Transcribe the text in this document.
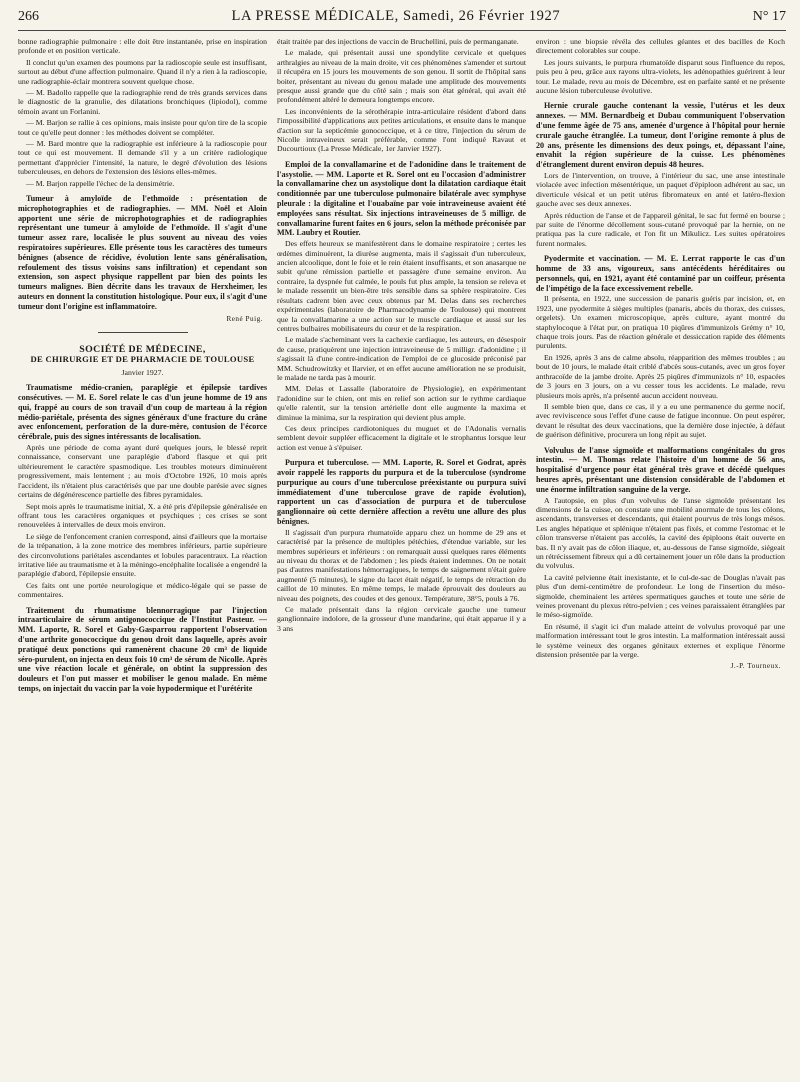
266	LA PRESSE MÉDICALE, Samedi, 26 Février 1927	N° 17

bonne radiographie pulmonaire : elle doit être instantanée, prise en inspiration profonde et en position verticale.

Il conclut qu'un examen des poumons par la radioscopie seule est insuffisant, surtout au début d'une affection pulmonaire. Quand il n'y a rien à la radioscopie, une radiographie-éclair montrera souvent quelque chose.

— M. Badollo rappelle que la radiographie rend de très grands services dans le diagnostic de la granulie, des dilatations bronchiques (lipiodol), comme témoin avant un Forlanini.

— M. Barjon se rallie à ces opinions, mais insiste pour qu'on tire de la scopie tout ce qu'elle peut donner : les méthodes doivent se compléter.

— M. Bard montre que la radiographie est inférieure à la radioscopie pour tout ce qui est mouvement. Il demande s'il y a un critère radiologique permettant d'apprécier l'intensité, la nature, le degré d'évolution des lésions tuberculeuses, en dehors de l'extension des lésions elles-mêmes.

— M. Barjon rappelle l'échec de la densimétrie.

Tumeur à amyloïde de l'ethmoïde : présentation de microphotographies et de radiographies. — MM. Noël et Aloin apportent une série de microphotographies et de radiographies représentant une tumeur à amyloïde de l'ethmoïde. Il s'agit d'une tumeur assez rare, localisée le plus souvent au niveau des voies respiratoires supérieures. Elle présente tous les caractères des tumeurs bénignes (absence de récidive, évolution lente sans généralisation, refoulement des tissus voisins sans infiltration) et cependant son extension, son aspect physique rappellent par bien des points les tumeurs malignes. Bien décrite dans les travaux de Herxheimer, les auteurs en donnent la constitution histologique. Pour eux, il s'agit d'une tumeur dont l'origine est inflammatoire.
René Puig.
SOCIÉTÉ DE MÉDECINE,
DE CHIRURGIE ET DE PHARMACIE DE TOULOUSE
Janvier 1927.
Traumatisme médio-cranien, paraplégie et épilepsie tardives consécutives. — M. E. Sorel relate le cas d'un jeune homme de 19 ans qui, frappé au cours de son travail d'un coup de marteau à la région médio-pariétale, présenta des signes généraux d'une fracture du crâne avec enfoncement, perforation de la dure-mère, contusion de l'écorce cérébrale, puis des signes intéressants de localisation.

Après une période de coma ayant duré quelques jours, le blessé reprit connaissance, conservant une paraplégie d'abord flasque et qui prit ultérieurement le caractère spasmodique. Les troubles moteurs diminuèrent progressivement, mais lentement ; au mois d'Octobre 1926, 10 mois après l'accident, ils n'étaient plus caractérisés que par une double parésie avec signes certains de dégénérescence partielle des fibres pyramidales.

Sept mois après le traumatisme initial, X. a été pris d'épilepsie généralisée en offrant tous les caractères organiques et psychiques ; ces crises se sont renouvelées à intervalles de deux mois environ.

Le siège de l'enfoncement cranien correspond, ainsi d'ailleurs que la mortaise de la trépanation, à la zone motrice des membres inférieurs, partie supérieure des circonvolutions pariétales ascendantes et lobules paracentraux. La réaction irritative liée au traumatisme et à la méningo-encéphalite localisée a engendré la paraplégie d'abord, l'épilepsie ensuite.

Ces faits ont une portée neurologique et médico-légale qui se passe de commentaires.

Traitement du rhumatisme blennorragique par l'injection intraarticulaire de sérum antigonococcique de l'Institut Pasteur. — MM. Laporte, R. Sorel et Gaby-Gasparrou rapportent l'observation d'une arthrite gonococcique du genou droit dans laquelle, après avoir pratiqué deux ponctions qui ramenèrent chacune 20 cm³ de liquide séro-purulent, on injecta en deux fois 10 cm³ de sérum de Nicolle. Après une vive réaction locale et générale, on obtint la suppression des douleurs et l'on put masser et mobiliser le genou malade. En même temps, on injectait du vaccin par la voie hypodermique et l'urétérite

était traitée par des injections de vaccin de Bruchellini, puis de permanganate.

Le malade, qui présentait aussi une spondylite cervicale et quelques arthralgies au niveau de la main droite, vit ces phénomènes s'amender et surtout il récupéra en 15 jours les mouvements de son genou. Il sortit de l'hôpital sans boiter, présentant au niveau du genou malade une amplitude des mouvements presque aussi grande que du côté sain ; mais son état général, qui avait été profondément altéré le demeura longtemps encore.

Les inconvénients de la sérothérapie intra-articulaire résident d'abord dans l'impossibilité d'applications aux petites articulations, et ensuite dans le manque d'action sur la septicémie gonococcique, et à ce titre, l'injection du sérum de Nicolle intraveineux serait préférable, comme l'ont indiqué Ravaut et Ducourtioux (La Presse Médicale, 1er Janvier 1927).

Emploi de la convallamarine et de l'adonidine dans le traitement de l'asystolie. — MM. Laporte et R. Sorel ont eu l'occasion d'administrer la convallamarine chez un asystolique dont la dilatation cardiaque était conditionnée par une tuberculose pulmonaire bilatérale avec symphyse pleurale : la digitaline et l'ouabaïne par voie intraveineuse avaient été employées sans résultat. Six injections intraveineuses de 5 milligr. de convallamarine furent faites en 6 jours, selon la méthode préconisée par MM. Laubry et Routier.

Des effets heureux se manifestèrent dans le domaine respiratoire ; certes les œdèmes diminuèrent, la diurèse augmenta, mais il s'agissait d'un tuberculeux, ancien alcoolique, dont le foie et le rein étaient insuffisants, et son anasarque ne subit qu'une rémission partielle et passagère d'une semaine environ. Au contraire, la dyspnée fut calmée, le pouls fut plus ample, la tension se releva et le malade ressentit un bien-être très sensible dans sa sphère respiratoire. Ces résultats cadrent bien avec ceux obtenus par M. Delas dans ses recherches expérimentales (laboratoire de Pharmacodynamie de Toulouse) qui montrent que la convallamarine a une action sur le muscle cardiaque et aussi sur les centres bulbaires mobilisateurs du cœur et de la respiration.

Le malade s'acheminant vers la cachexie cardiaque, les auteurs, en désespoir de cause, pratiquèrent une injection intraveineuse de 5 milligr. d'adonidine ; il s'agissait là d'une contre-indication de l'emploi de ce glucoside préconisé par MM. Schudrowitzky et Ilarvier, et en effet aucune amélioration ne se produisit, le malade ne tarda pas à mourir.

MM. Delas et Lassalle (laboratoire de Physiologie), en expérimentant l'adonidine sur le chien, ont mis en relief son action sur le rythme cardiaque qu'elle ralentit, sur la tension artérielle dont elle augmente la maxima et diminue la minima, sur la respiration qui devient plus ample.

Ces deux principes cardiotoniques du muguet et de l'Adonalis vernalis semblent devoir suppléer efficacement la digitale et le strophantus lorsque leur action est venue à s'épuiser.

Purpura et tuberculose. — MM. Laporte, R. Sorel et Godrat, après avoir rappelé les rapports du purpura et de la tuberculose (syndrome purpurique au cours d'une tuberculose préexistante ou purpura suivi immédiatement d'une tuberculose grave de rapide évolution), rapportent un cas d'association de purpura et de tuberculose ganglionnaire où cette dernière affection a revêtu une allure des plus bénignes.

Il s'agissait d'un purpura rhumatoïde apparu chez un homme de 29 ans et caractérisé par la présence de multiples pétéchies, d'étendue variable, sur les membres supérieurs et inférieurs : on remarquait aussi quelques rares éléments au niveau du thorax et de l'abdomen ; les pieds étaient indemnes. On ne notait pas d'autres manifestations hémorragiques, le temps de saignement n'était guère augmenté (5 minutes), le signe du lacet était négatif, le temps de rétraction du caillot de 10 minutes. En même temps, le malade éprouvait des douleurs au niveau des poignets, des coudes et des genoux. Température, 38°5, pouls à 76.

Ce malade présentait dans la région cervicale gauche une tumeur ganglionnaire indolore, de la grosseur d'une mandarine, qui était apparue il y a 3 ans

environ : une biopsie révéla des cellules géantes et des bacilles de Koch directement colorables sur coupe.

Les jours suivants, le purpura rhumatoïde disparut sous l'influence du repos, puis peu à peu, grâce aux rayons ultra-violets, les adénopathies guérirent à leur tour. Le malade, revu au mois de Décembre, est en parfaite santé et ne présente aucune lésion tuberculeuse évolutive.

Hernie crurale gauche contenant la vessie, l'utérus et les deux annexes. — MM. Bernardbeig et Dubau communiquent l'observation d'une femme âgée de 75 ans, amenée d'urgence à l'hôpital pour hernie crurale gauche étranglée. La tumeur, dont l'origine remonte à plus de 20 ans, présente les dimensions des deux poings, et, dépassant l'aine, envahit la région supérieure de la cuisse. Les phénomènes d'étranglement durent environ depuis 48 heures.

Lors de l'intervention, on trouve, à l'intérieur du sac, une anse intestinale violacée avec infection mésentérique, un paquet d'épiploon adhérent au sac, un diverticule vésical et un petit utérus fibromateux en anté et latéro-flexion gauche avec ses deux annexes.

Après réduction de l'anse et de l'appareil génital, le sac fut fermé en bourse ; par suite de l'énorme décollement sous-cutané provoqué par la hernie, on ne pratiqua pas la cure radicale, et l'on fit un Mikulicz. Les suites opératoires furent normales.

Pyodermite et vaccination. — M. E. Lerrat rapporte le cas d'un homme de 33 ans, vigoureux, sans antécédents héréditaires ou personnels, qui, en 1921, ayant été contaminé par un coiffeur, présenta de l'impétigo de la face excessivement rebelle.

Il présenta, en 1922, une succession de panaris guéris par incision, et, en 1923, une pyodermite à sièges multiples (panaris, abcès du thorax, des cuisses, orgelets). Un examen microscopique, après culture, ayant montré du staphylocoque à l'état pur, on pratiqua 10 piqûres d'immunizols Grémy n° 10, chaque trois jours. Pas de réaction générale et dessiccation rapide des éléments purulents.

En 1926, après 3 ans de calme absolu, réapparition des mêmes troubles ; au bout de 10 jours, le malade était criblé d'abcès sous-cutanés, avec un gros foyer anthracoïde de la jambe droite. Après 25 piqûres d'immunizols n° 10, espacées de 3 jours en 3 jours, on a vu cesser tous les accidents. Le malade, revu plusieurs mois après, n'a présenté aucun accident nouveau.

Il semble bien que, dans ce cas, il y a eu une permanence du germe nocif, avec reviviscence sous l'effet d'une cause de fatigue inconnue. On peut espérer, devant le résultat des deux vaccinations, que la dernière dose injectée, à défaut de guérison définitive, procurera un long répit au sujet.

Volvulus de l'anse sigmoïde et malformations congénitales du gros intestin. — M. Thomas relate l'histoire d'un homme de 56 ans, hospitalisé d'urgence pour état général très grave et décédé quelques heures après, présentant une distension considérable de l'abdomen et une énorme infiltration sanguine de la verge.

A l'autopsie, en plus d'un volvulus de l'anse sigmoïde présentant les dimensions de la cuisse, on constate une mobilité anormale de tous les côlons, ascendants, transverses et descendants, qui étaient pourvus de très longs mésos. Les angles hépatique et splénique n'étaient pas fixés, et comme l'estomac et le côlon transverse n'étaient pas accolés, la cavité des épiploons était ouverte en bas. Il n'y avait pas de côlon iliaque, et, au-dessous de l'anse sigmoïde, siégeait un rétrécissement fibreux qui a dû certainement jouer un rôle dans la production du volvulus.

La cavité pelvienne était inexistante, et le cul-de-sac de Douglas n'avait pas plus d'un demi-centimètre de profondeur. Le long de l'insertion du méso-sigmoïde, cheminaient les artères spermatiques gauches et toute une série de veines provenant du plexus rétro-pelvien ; ces veines paraissaient étranglées par le méso-sigmoïde.

En résumé, il s'agit ici d'un malade atteint de volvulus provoqué par une malformation intéressant tout le gros intestin. La malformation intéressait aussi le système veineux des organes génitaux externes et explique l'énorme distension présentée par la verge.

J.-P. Tourneux.
